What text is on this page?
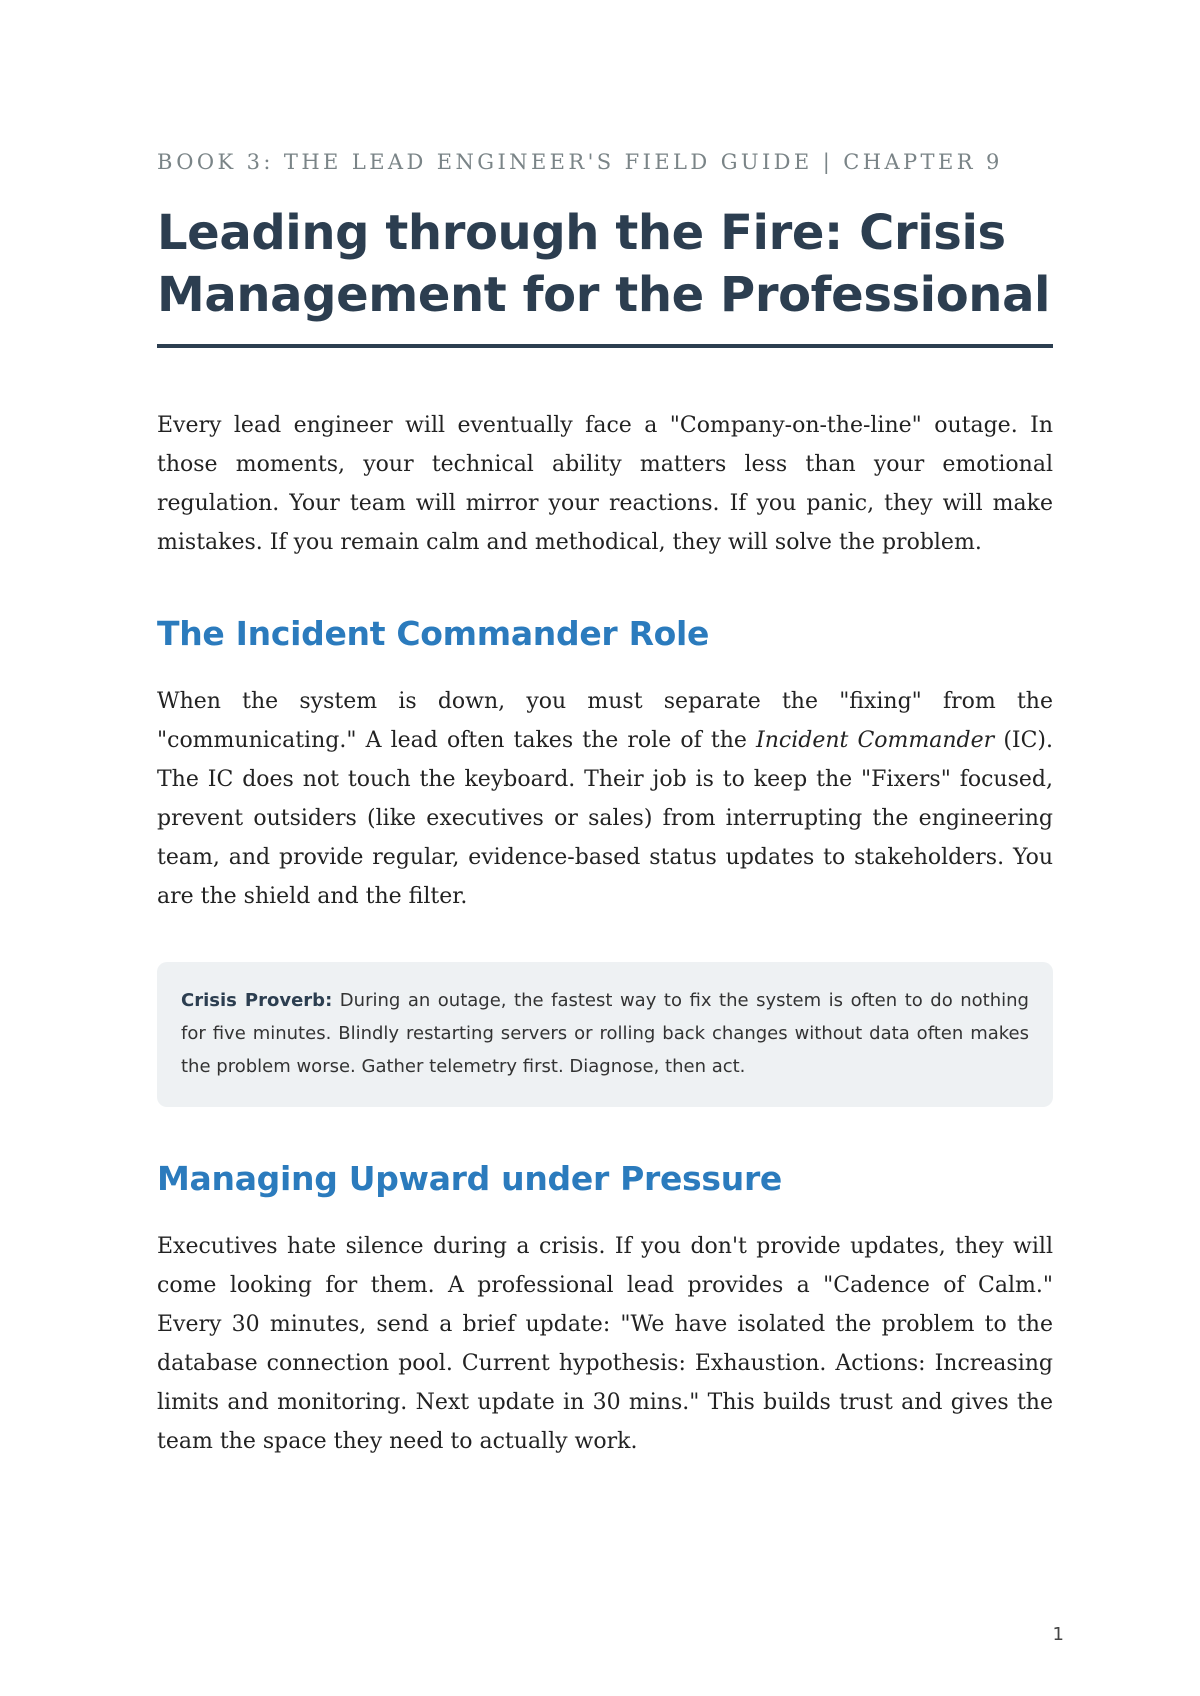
BOOK 3: THE LEAD ENGINEER'S FIELD GUIDE | CHAPTER 9
Leading through the Fire: Crisis Management for the Professional

Every lead engineer will eventually face a "Company-on-the-line" outage. In those moments, your technical ability matters less than your emotional regulation. Your team will mirror your reactions. If you panic, they will make mistakes. If you remain calm and methodical, they will solve the problem.

The Incident Commander Role

When the system is down, you must separate the "fixing" from the "communicating." A lead often takes the role of the Incident Commander (IC). The IC does not touch the keyboard. Their job is to keep the "Fixers" focused, prevent outsiders (like executives or sales) from interrupting the engineering team, and provide regular, evidence-based status updates to stakeholders. You are the shield and the filter.

Crisis Proverb: During an outage, the fastest way to fix the system is often to do nothing for five minutes. Blindly restarting servers or rolling back changes without data often makes the problem worse. Gather telemetry first. Diagnose, then act.
Managing Upward under Pressure

Executives hate silence during a crisis. If you don't provide updates, they will come looking for them. A professional lead provides a "Cadence of Calm." Every 30 minutes, send a brief update: "We have isolated the problem to the database connection pool. Current hypothesis: Exhaustion. Actions: Increasing limits and monitoring. Next update in 30 mins." This builds trust and gives the team the space they need to actually work.

1
